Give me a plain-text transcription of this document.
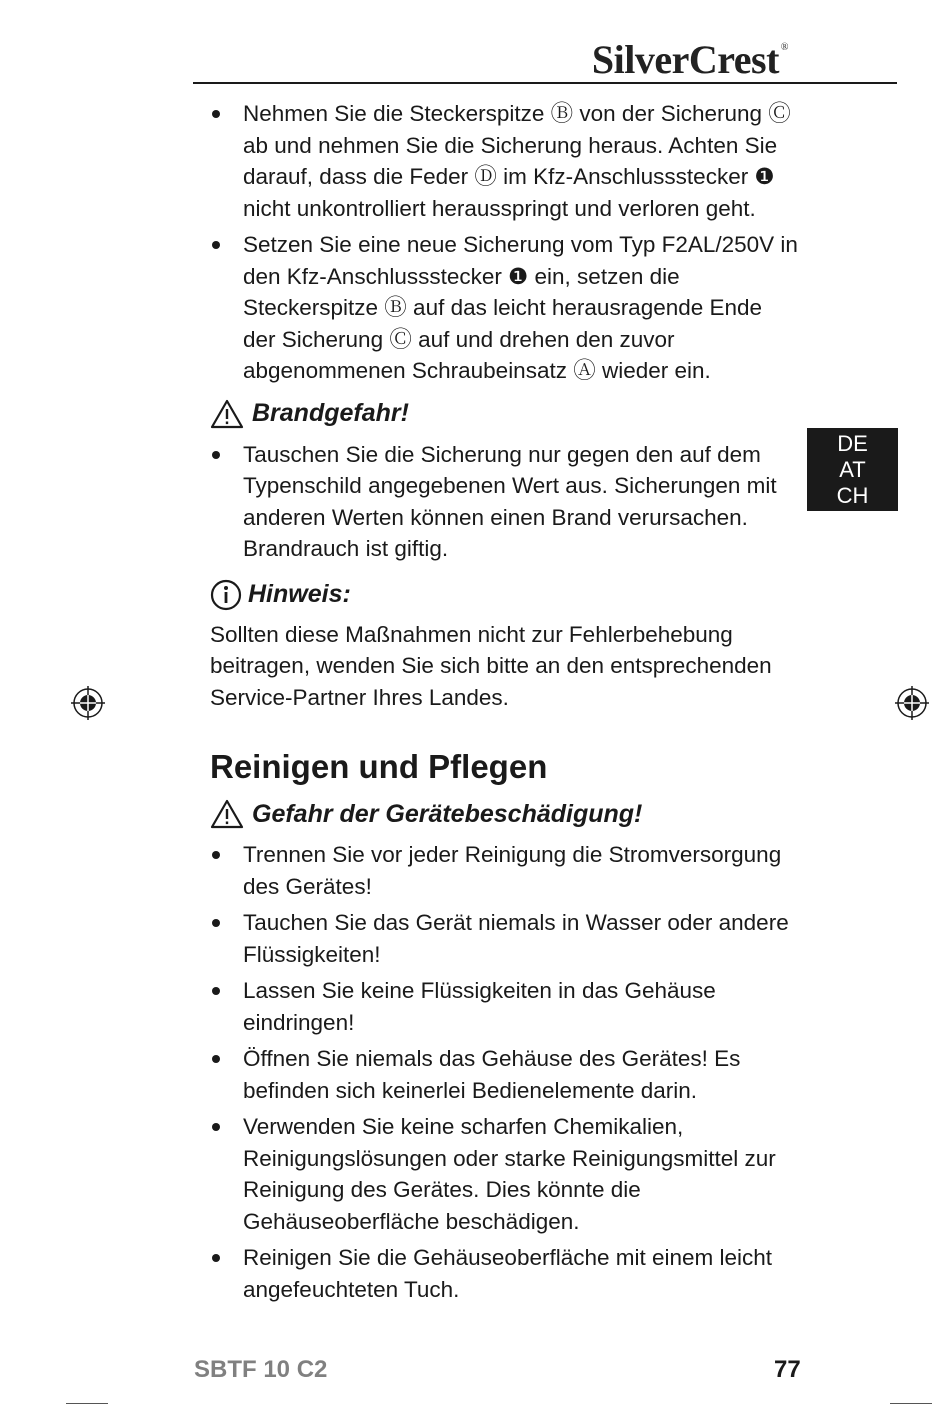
SilverCrest ®
Nehmen Sie die Steckerspitze Ⓑ von der Sicherung Ⓒ ab und nehmen Sie die Sicherung heraus. Achten Sie darauf, dass die Feder Ⓓ im Kfz-Anschlussstecker ❶ nicht unkontrolliert herausspringt und verloren geht.
Setzen Sie eine neue Sicherung vom Typ F2AL/250V in den Kfz-Anschlussstecker ❶ ein, setzen die Steckerspitze Ⓑ auf das leicht herausragende Ende der Sicherung Ⓒ auf und drehen den zuvor abgenommenen Schraubeinsatz Ⓐ wieder ein.
Brandgefahr!
Tauschen Sie die Sicherung nur gegen den auf dem Typenschild angegebenen Wert aus. Sicherungen mit anderen Werten können einen Brand verursachen. Brandrauch ist giftig.
Hinweis:

Sollten diese Maßnahmen nicht zur Fehlerbehebung beitragen, wenden Sie sich bitte an den entsprechenden Service-Partner Ihres Landes.

Reinigen und Pflegen
Gefahr der Gerätebeschädigung!
Trennen Sie vor jeder Reinigung die Stromversorgung des Gerätes!
Tauchen Sie das Gerät niemals in Wasser oder andere Flüssigkeiten!
Lassen Sie keine Flüssigkeiten in das Gehäuse eindringen!
Öffnen Sie niemals das Gehäuse des Gerätes! Es befinden sich keinerlei Bedienelemente darin.
Verwenden Sie keine scharfen Chemikalien, Reinigungslösungen oder starke Reinigungsmittel zur Reinigung des Gerätes. Dies könnte die Gehäuseoberfläche beschädigen.
Reinigen Sie die Gehäuseoberfläche mit einem leicht angefeuchteten Tuch.
DE
AT
CH
SBTF 10 C2	77
